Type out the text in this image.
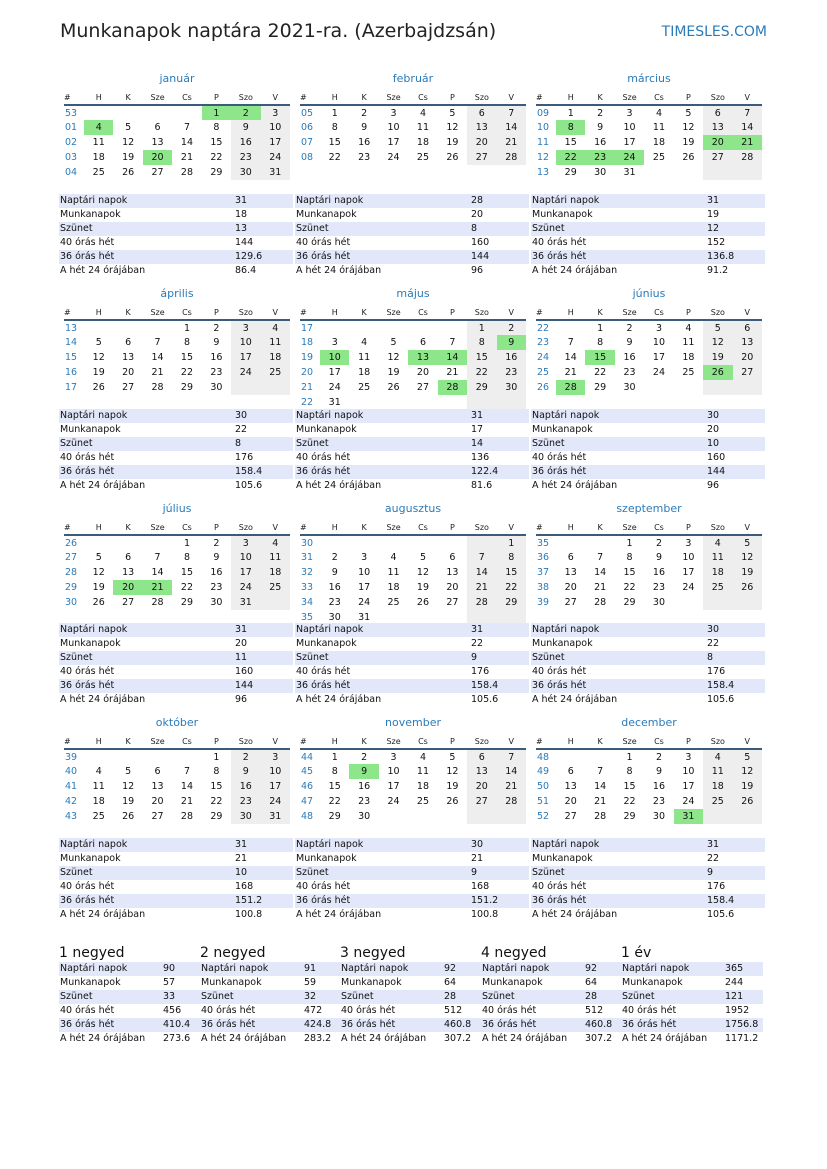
Munkanapok naptára 2021-ra. (Azerbajdzsán)	TIMESLES.COM
január
#	H	K	Sze	Cs	P	Szo	V
53					1	2	3
01	4	5	6	7	8	9	10
02	11	12	13	14	15	16	17
03	18	19	20	21	22	23	24
04	25	26	27	28	29	30	31
Naptári napok	31
Munkanapok	18
Szünet	13
40 órás hét	144
36 órás hét	129.6
A hét 24 órájában	86.4
február
#	H	K	Sze	Cs	P	Szo	V
05	1	2	3	4	5	6	7
06	8	9	10	11	12	13	14
07	15	16	17	18	19	20	21
08	22	23	24	25	26	27	28
Naptári napok	28
Munkanapok	20
Szünet	8
40 órás hét	160
36 órás hét	144
A hét 24 órájában	96
március
#	H	K	Sze	Cs	P	Szo	V
09	1	2	3	4	5	6	7
10	8	9	10	11	12	13	14
11	15	16	17	18	19	20	21
12	22	23	24	25	26	27	28
13	29	30	31				
Naptári napok	31
Munkanapok	19
Szünet	12
40 órás hét	152
36 órás hét	136.8
A hét 24 órájában	91.2
április
#	H	K	Sze	Cs	P	Szo	V
13				1	2	3	4
14	5	6	7	8	9	10	11
15	12	13	14	15	16	17	18
16	19	20	21	22	23	24	25
17	26	27	28	29	30		
Naptári napok	30
Munkanapok	22
Szünet	8
40 órás hét	176
36 órás hét	158.4
A hét 24 órájában	105.6
május
#	H	K	Sze	Cs	P	Szo	V
17						1	2
18	3	4	5	6	7	8	9
19	10	11	12	13	14	15	16
20	17	18	19	20	21	22	23
21	24	25	26	27	28	29	30
22	31						
Naptári napok	31
Munkanapok	17
Szünet	14
40 órás hét	136
36 órás hét	122.4
A hét 24 órájában	81.6
június
#	H	K	Sze	Cs	P	Szo	V
22		1	2	3	4	5	6
23	7	8	9	10	11	12	13
24	14	15	16	17	18	19	20
25	21	22	23	24	25	26	27
26	28	29	30				
Naptári napok	30
Munkanapok	20
Szünet	10
40 órás hét	160
36 órás hét	144
A hét 24 órájában	96
július
#	H	K	Sze	Cs	P	Szo	V
26				1	2	3	4
27	5	6	7	8	9	10	11
28	12	13	14	15	16	17	18
29	19	20	21	22	23	24	25
30	26	27	28	29	30	31	
Naptári napok	31
Munkanapok	20
Szünet	11
40 órás hét	160
36 órás hét	144
A hét 24 órájában	96
augusztus
#	H	K	Sze	Cs	P	Szo	V
30							1
31	2	3	4	5	6	7	8
32	9	10	11	12	13	14	15
33	16	17	18	19	20	21	22
34	23	24	25	26	27	28	29
35	30	31					
Naptári napok	31
Munkanapok	22
Szünet	9
40 órás hét	176
36 órás hét	158.4
A hét 24 órájában	105.6
szeptember
#	H	K	Sze	Cs	P	Szo	V
35			1	2	3	4	5
36	6	7	8	9	10	11	12
37	13	14	15	16	17	18	19
38	20	21	22	23	24	25	26
39	27	28	29	30			
Naptári napok	30
Munkanapok	22
Szünet	8
40 órás hét	176
36 órás hét	158.4
A hét 24 órájában	105.6
október
#	H	K	Sze	Cs	P	Szo	V
39					1	2	3
40	4	5	6	7	8	9	10
41	11	12	13	14	15	16	17
42	18	19	20	21	22	23	24
43	25	26	27	28	29	30	31
Naptári napok	31
Munkanapok	21
Szünet	10
40 órás hét	168
36 órás hét	151.2
A hét 24 órájában	100.8
november
#	H	K	Sze	Cs	P	Szo	V
44	1	2	3	4	5	6	7
45	8	9	10	11	12	13	14
46	15	16	17	18	19	20	21
47	22	23	24	25	26	27	28
48	29	30					
Naptári napok	30
Munkanapok	21
Szünet	9
40 órás hét	168
36 órás hét	151.2
A hét 24 órájában	100.8
december
#	H	K	Sze	Cs	P	Szo	V
48			1	2	3	4	5
49	6	7	8	9	10	11	12
50	13	14	15	16	17	18	19
51	20	21	22	23	24	25	26
52	27	28	29	30	31		
Naptári napok	31
Munkanapok	22
Szünet	9
40 órás hét	176
36 órás hét	158.4
A hét 24 órájában	105.6
1 negyed
Naptári napok	90
Munkanapok	57
Szünet	33
40 órás hét	456
36 órás hét	410.4
A hét 24 órájában 273.6
2 negyed
Naptári napok	91
Munkanapok	59
Szünet	32
40 órás hét	472
36 órás hét	424.8
A hét 24 órájában 283.2
3 negyed
Naptári napok	92
Munkanapok	64
Szünet	28
40 órás hét	512
36 órás hét	460.8
A hét 24 órájában 307.2
4 negyed
Naptári napok	92
Munkanapok	64
Szünet	28
40 órás hét	512
36 órás hét	460.8
A hét 24 órájában 307.2
1 év
Naptári napok	365
Munkanapok	244
Szünet	121
40 órás hét	1952
36 órás hét	1756.8
A hét 24 órájában 1171.2
